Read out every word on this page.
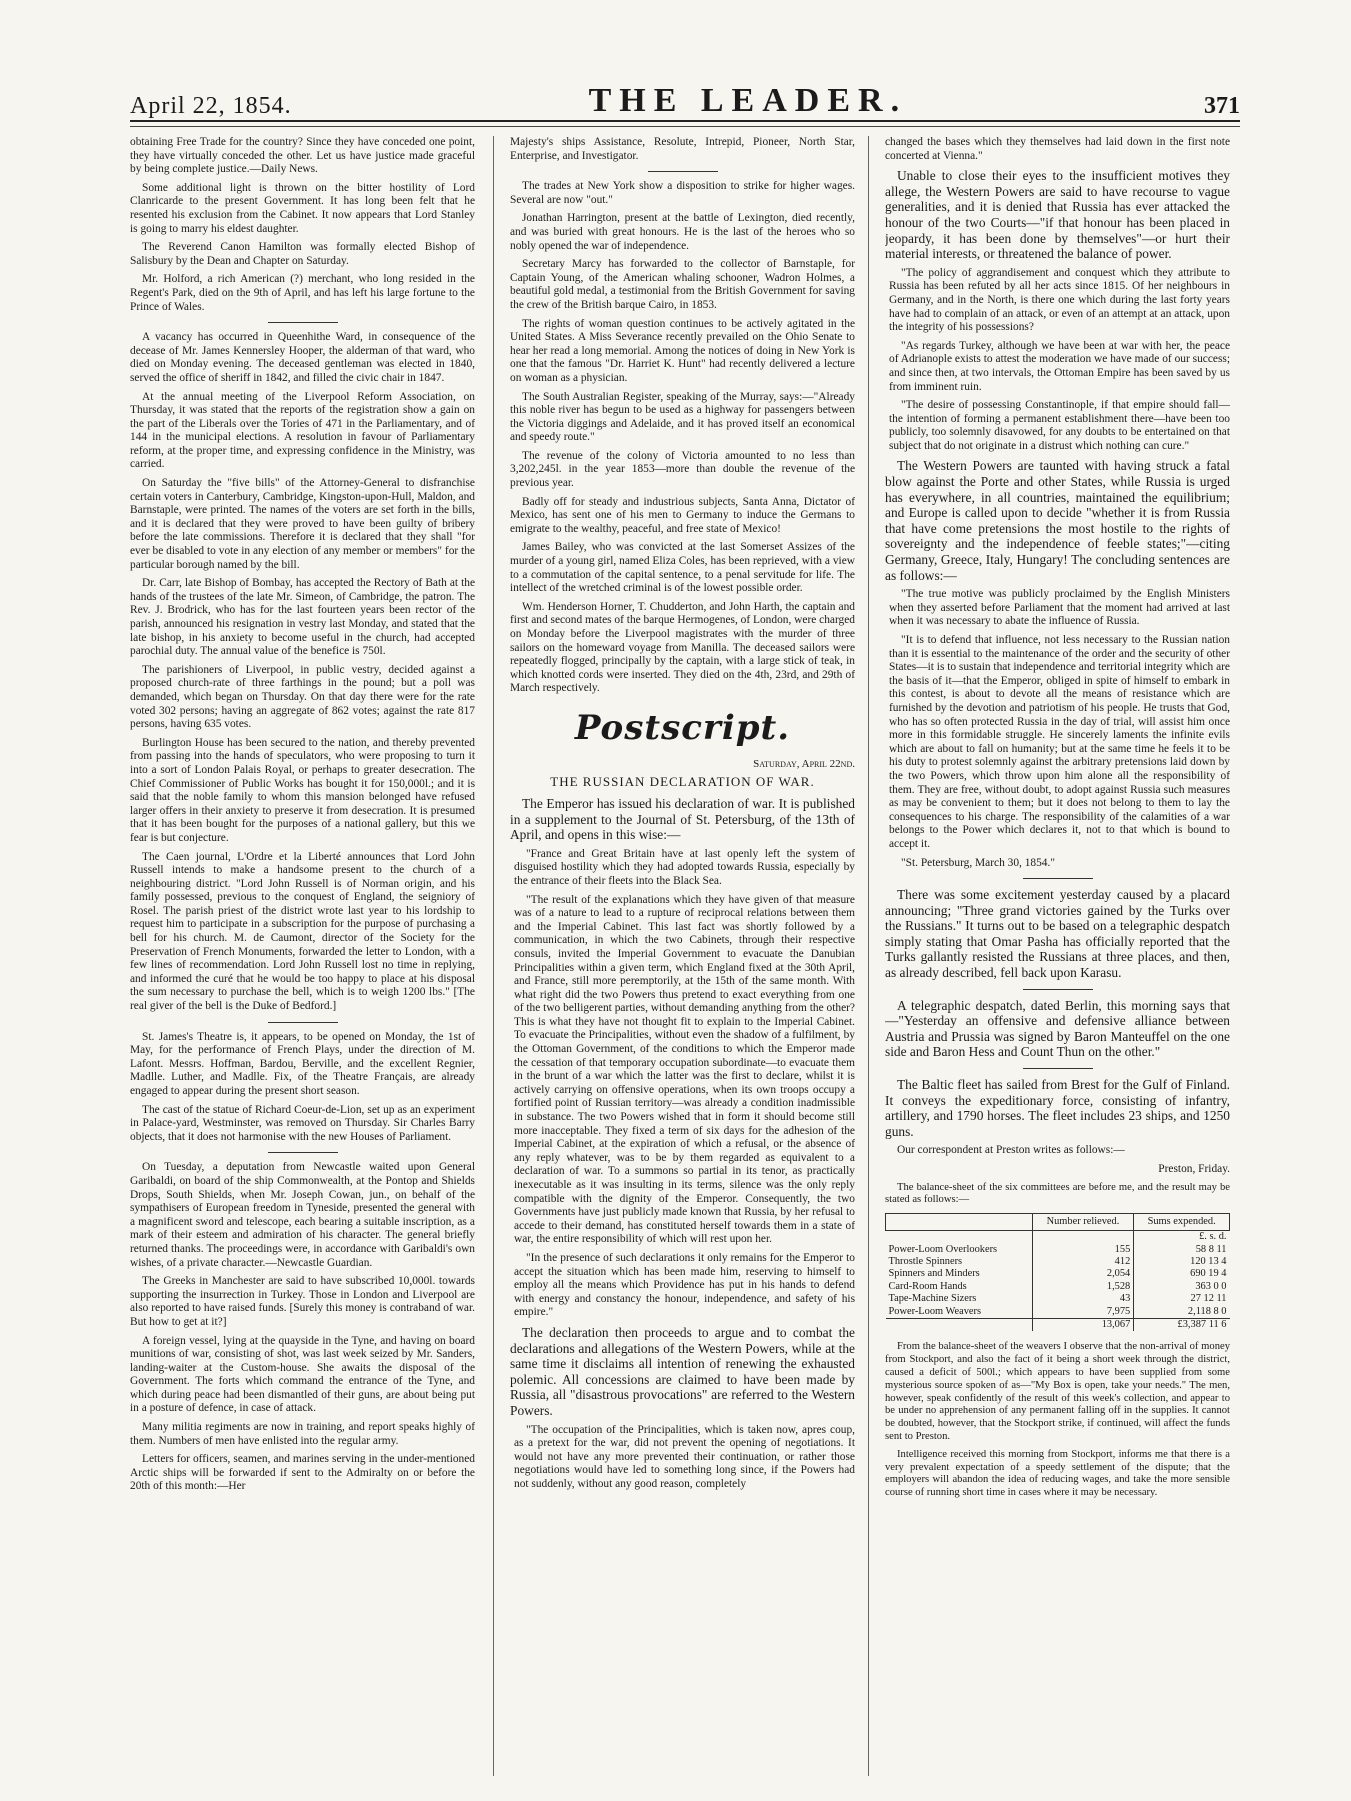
April 22, 1854.	THE LEADER.	371

obtaining Free Trade for the country? Since they have conceded one point, they have virtually conceded the other. Let us have justice made graceful by being complete justice.—Daily News.

Some additional light is thrown on the bitter hostility of Lord Clanricarde to the present Government. It has long been felt that he resented his exclusion from the Cabinet. It now appears that Lord Stanley is going to marry his eldest daughter.

The Reverend Canon Hamilton was formally elected Bishop of Salisbury by the Dean and Chapter on Saturday.

Mr. Holford, a rich American (?) merchant, who long resided in the Regent's Park, died on the 9th of April, and has left his large fortune to the Prince of Wales.

A vacancy has occurred in Queenhithe Ward, in consequence of the decease of Mr. James Kennersley Hooper, the alderman of that ward, who died on Monday evening. The deceased gentleman was elected in 1840, served the office of sheriff in 1842, and filled the civic chair in 1847.

At the annual meeting of the Liverpool Reform Association, on Thursday, it was stated that the reports of the registration show a gain on the part of the Liberals over the Tories of 471 in the Parliamentary, and of 144 in the municipal elections. A resolution in favour of Parliamentary reform, at the proper time, and expressing confidence in the Ministry, was carried.

On Saturday the "five bills" of the Attorney-General to disfranchise certain voters in Canterbury, Cambridge, Kingston-upon-Hull, Maldon, and Barnstaple, were printed. The names of the voters are set forth in the bills, and it is declared that they were proved to have been guilty of bribery before the late commissions. Therefore it is declared that they shall "for ever be disabled to vote in any election of any member or members" for the particular borough named by the bill.

Dr. Carr, late Bishop of Bombay, has accepted the Rectory of Bath at the hands of the trustees of the late Mr. Simeon, of Cambridge, the patron. The Rev. J. Brodrick, who has for the last fourteen years been rector of the parish, announced his resignation in vestry last Monday, and stated that the late bishop, in his anxiety to become useful in the church, had accepted parochial duty. The annual value of the benefice is 750l.

The parishioners of Liverpool, in public vestry, decided against a proposed church-rate of three farthings in the pound; but a poll was demanded, which began on Thursday. On that day there were for the rate voted 302 persons; having an aggregate of 862 votes; against the rate 817 persons, having 635 votes.

Burlington House has been secured to the nation, and thereby prevented from passing into the hands of speculators, who were proposing to turn it into a sort of London Palais Royal, or perhaps to greater desecration. The Chief Commissioner of Public Works has bought it for 150,000l.; and it is said that the noble family to whom this mansion belonged have refused larger offers in their anxiety to preserve it from desecration. It is presumed that it has been bought for the purposes of a national gallery, but this we fear is but conjecture.

The Caen journal, L'Ordre et la Liberté announces that Lord John Russell intends to make a handsome present to the church of a neighbouring district. "Lord John Russell is of Norman origin, and his family possessed, previous to the conquest of England, the seigniory of Rosel. The parish priest of the district wrote last year to his lordship to request him to participate in a subscription for the purpose of purchasing a bell for his church. M. de Caumont, director of the Society for the Preservation of French Monuments, forwarded the letter to London, with a few lines of recommendation. Lord John Russell lost no time in replying, and informed the curé that he would be too happy to place at his disposal the sum necessary to purchase the bell, which is to weigh 1200 lbs." [The real giver of the bell is the Duke of Bedford.]

St. James's Theatre is, it appears, to be opened on Monday, the 1st of May, for the performance of French Plays, under the direction of M. Lafont. Messrs. Hoffman, Bardou, Berville, and the excellent Regnier, Madlle. Luther, and Madlle. Fix, of the Theatre Français, are already engaged to appear during the present short season.

The cast of the statue of Richard Coeur-de-Lion, set up as an experiment in Palace-yard, Westminster, was removed on Thursday. Sir Charles Barry objects, that it does not harmonise with the new Houses of Parliament.

On Tuesday, a deputation from Newcastle waited upon General Garibaldi, on board of the ship Commonwealth, at the Pontop and Shields Drops, South Shields, when Mr. Joseph Cowan, jun., on behalf of the sympathisers of European freedom in Tyneside, presented the general with a magnificent sword and telescope, each bearing a suitable inscription, as a mark of their esteem and admiration of his character. The general briefly returned thanks. The proceedings were, in accordance with Garibaldi's own wishes, of a private character.—Newcastle Guardian.

The Greeks in Manchester are said to have subscribed 10,000l. towards supporting the insurrection in Turkey. Those in London and Liverpool are also reported to have raised funds. [Surely this money is contraband of war. But how to get at it?]

A foreign vessel, lying at the quayside in the Tyne, and having on board munitions of war, consisting of shot, was last week seized by Mr. Sanders, landing-waiter at the Custom-house. She awaits the disposal of the Government. The forts which command the entrance of the Tyne, and which during peace had been dismantled of their guns, are about being put in a posture of defence, in case of attack.

Many militia regiments are now in training, and report speaks highly of them. Numbers of men have enlisted into the regular army.

Letters for officers, seamen, and marines serving in the under-mentioned Arctic ships will be forwarded if sent to the Admiralty on or before the 20th of this month:—Her

Majesty's ships Assistance, Resolute, Intrepid, Pioneer, North Star, Enterprise, and Investigator.

The trades at New York show a disposition to strike for higher wages. Several are now "out."

Jonathan Harrington, present at the battle of Lexington, died recently, and was buried with great honours. He is the last of the heroes who so nobly opened the war of independence.

Secretary Marcy has forwarded to the collector of Barnstaple, for Captain Young, of the American whaling schooner, Wadron Holmes, a beautiful gold medal, a testimonial from the British Government for saving the crew of the British barque Cairo, in 1853.

The rights of woman question continues to be actively agitated in the United States. A Miss Severance recently prevailed on the Ohio Senate to hear her read a long memorial. Among the notices of doing in New York is one that the famous "Dr. Harriet K. Hunt" had recently delivered a lecture on woman as a physician.

The South Australian Register, speaking of the Murray, says:—"Already this noble river has begun to be used as a highway for passengers between the Victoria diggings and Adelaide, and it has proved itself an economical and speedy route."

The revenue of the colony of Victoria amounted to no less than 3,202,245l. in the year 1853—more than double the revenue of the previous year.

Badly off for steady and industrious subjects, Santa Anna, Dictator of Mexico, has sent one of his men to Germany to induce the Germans to emigrate to the wealthy, peaceful, and free state of Mexico!

James Bailey, who was convicted at the last Somerset Assizes of the murder of a young girl, named Eliza Coles, has been reprieved, with a view to a commutation of the capital sentence, to a penal servitude for life. The intellect of the wretched criminal is of the lowest possible order.

Wm. Henderson Horner, T. Chudderton, and John Harth, the captain and first and second mates of the barque Hermogenes, of London, were charged on Monday before the Liverpool magistrates with the murder of three sailors on the homeward voyage from Manilla. The deceased sailors were repeatedly flogged, principally by the captain, with a large stick of teak, in which knotted cords were inserted. They died on the 4th, 23rd, and 29th of March respectively.

Postscript.
Saturday, April 22nd.
THE RUSSIAN DECLARATION OF WAR.

The Emperor has issued his declaration of war. It is published in a supplement to the Journal of St. Petersburg, of the 13th of April, and opens in this wise:—

"France and Great Britain have at last openly left the system of disguised hostility which they had adopted towards Russia, especially by the entrance of their fleets into the Black Sea.

"The result of the explanations which they have given of that measure was of a nature to lead to a rupture of reciprocal relations between them and the Imperial Cabinet. This last fact was shortly followed by a communication, in which the two Cabinets, through their respective consuls, invited the Imperial Government to evacuate the Danubian Principalities within a given term, which England fixed at the 30th April, and France, still more peremptorily, at the 15th of the same month. With what right did the two Powers thus pretend to exact everything from one of the two belligerent parties, without demanding anything from the other? This is what they have not thought fit to explain to the Imperial Cabinet. To evacuate the Principalities, without even the shadow of a fulfilment, by the Ottoman Government, of the conditions to which the Emperor made the cessation of that temporary occupation subordinate—to evacuate them in the brunt of a war which the latter was the first to declare, whilst it is actively carrying on offensive operations, when its own troops occupy a fortified point of Russian territory—was already a condition inadmissible in substance. The two Powers wished that in form it should become still more inacceptable. They fixed a term of six days for the adhesion of the Imperial Cabinet, at the expiration of which a refusal, or the absence of any reply whatever, was to be by them regarded as equivalent to a declaration of war. To a summons so partial in its tenor, as practically inexecutable as it was insulting in its terms, silence was the only reply compatible with the dignity of the Emperor. Consequently, the two Governments have just publicly made known that Russia, by her refusal to accede to their demand, has constituted herself towards them in a state of war, the entire responsibility of which will rest upon her.

"In the presence of such declarations it only remains for the Emperor to accept the situation which has been made him, reserving to himself to employ all the means which Providence has put in his hands to defend with energy and constancy the honour, independence, and safety of his empire."

The declaration then proceeds to argue and to combat the declarations and allegations of the Western Powers, while at the same time it disclaims all intention of renewing the exhausted polemic. All concessions are claimed to have been made by Russia, all "disastrous provocations" are referred to the Western Powers.

"The occupation of the Principalities, which is taken now, apres coup, as a pretext for the war, did not prevent the opening of negotiations. It would not have any more prevented their continuation, or rather those negotiations would have led to something long since, if the Powers had not suddenly, without any good reason, completely

changed the bases which they themselves had laid down in the first note concerted at Vienna."

Unable to close their eyes to the insufficient motives they allege, the Western Powers are said to have recourse to vague generalities, and it is denied that Russia has ever attacked the honour of the two Courts—"if that honour has been placed in jeopardy, it has been done by themselves"—or hurt their material interests, or threatened the balance of power.

"The policy of aggrandisement and conquest which they attribute to Russia has been refuted by all her acts since 1815. Of her neighbours in Germany, and in the North, is there one which during the last forty years have had to complain of an attack, or even of an attempt at an attack, upon the integrity of his possessions?

"As regards Turkey, although we have been at war with her, the peace of Adrianople exists to attest the moderation we have made of our success; and since then, at two intervals, the Ottoman Empire has been saved by us from imminent ruin.

"The desire of possessing Constantinople, if that empire should fall—the intention of forming a permanent establishment there—have been too publicly, too solemnly disavowed, for any doubts to be entertained on that subject that do not originate in a distrust which nothing can cure."

The Western Powers are taunted with having struck a fatal blow against the Porte and other States, while Russia is urged has everywhere, in all countries, maintained the equilibrium; and Europe is called upon to decide "whether it is from Russia that have come pretensions the most hostile to the rights of sovereignty and the independence of feeble states;"—citing Germany, Greece, Italy, Hungary! The concluding sentences are as follows:—

"The true motive was publicly proclaimed by the English Ministers when they asserted before Parliament that the moment had arrived at last when it was necessary to abate the influence of Russia.

"It is to defend that influence, not less necessary to the Russian nation than it is essential to the maintenance of the order and the security of other States—it is to sustain that independence and territorial integrity which are the basis of it—that the Emperor, obliged in spite of himself to embark in this contest, is about to devote all the means of resistance which are furnished by the devotion and patriotism of his people. He trusts that God, who has so often protected Russia in the day of trial, will assist him once more in this formidable struggle. He sincerely laments the infinite evils which are about to fall on humanity; but at the same time he feels it to be his duty to protest solemnly against the arbitrary pretensions laid down by the two Powers, which throw upon him alone all the responsibility of them. They are free, without doubt, to adopt against Russia such measures as may be convenient to them; but it does not belong to them to lay the consequences to his charge. The responsibility of the calamities of a war belongs to the Power which declares it, not to that which is bound to accept it.

"St. Petersburg, March 30, 1854."

There was some excitement yesterday caused by a placard announcing; "Three grand victories gained by the Turks over the Russians." It turns out to be based on a telegraphic despatch simply stating that Omar Pasha has officially reported that the Turks gallantly resisted the Russians at three places, and then, as already described, fell back upon Karasu.

A telegraphic despatch, dated Berlin, this morning says that—"Yesterday an offensive and defensive alliance between Austria and Prussia was signed by Baron Manteuffel on the one side and Baron Hess and Count Thun on the other."

The Baltic fleet has sailed from Brest for the Gulf of Finland. It conveys the expeditionary force, consisting of infantry, artillery, and 1790 horses. The fleet includes 23 ships, and 1250 guns.

Our correspondent at Preston writes as follows:—

Preston, Friday.

The balance-sheet of the six committees are before me, and the result may be stated as follows:—

	Number relieved.	Sums expended.
		£. s. d.
Power-Loom Overlookers	155	58 8 11
Throstle Spinners	412	120 13 4
Spinners and Minders	2,054	690 19 4
Card-Room Hands	1,528	363 0 0
Tape-Machine Sizers	43	27 12 11
Power-Loom Weavers	7,975	2,118 8 0
	13,067	£3,387 11 6

From the balance-sheet of the weavers I observe that the non-arrival of money from Stockport, and also the fact of it being a short week through the district, caused a deficit of 500l.; which appears to have been supplied from some mysterious source spoken of as—"My Box is open, take your needs." The men, however, speak confidently of the result of this week's collection, and appear to be under no apprehension of any permanent falling off in the supplies. It cannot be doubted, however, that the Stockport strike, if continued, will affect the funds sent to Preston.

Intelligence received this morning from Stockport, informs me that there is a very prevalent expectation of a speedy settlement of the dispute; that the employers will abandon the idea of reducing wages, and take the more sensible course of running short time in cases where it may be necessary.
